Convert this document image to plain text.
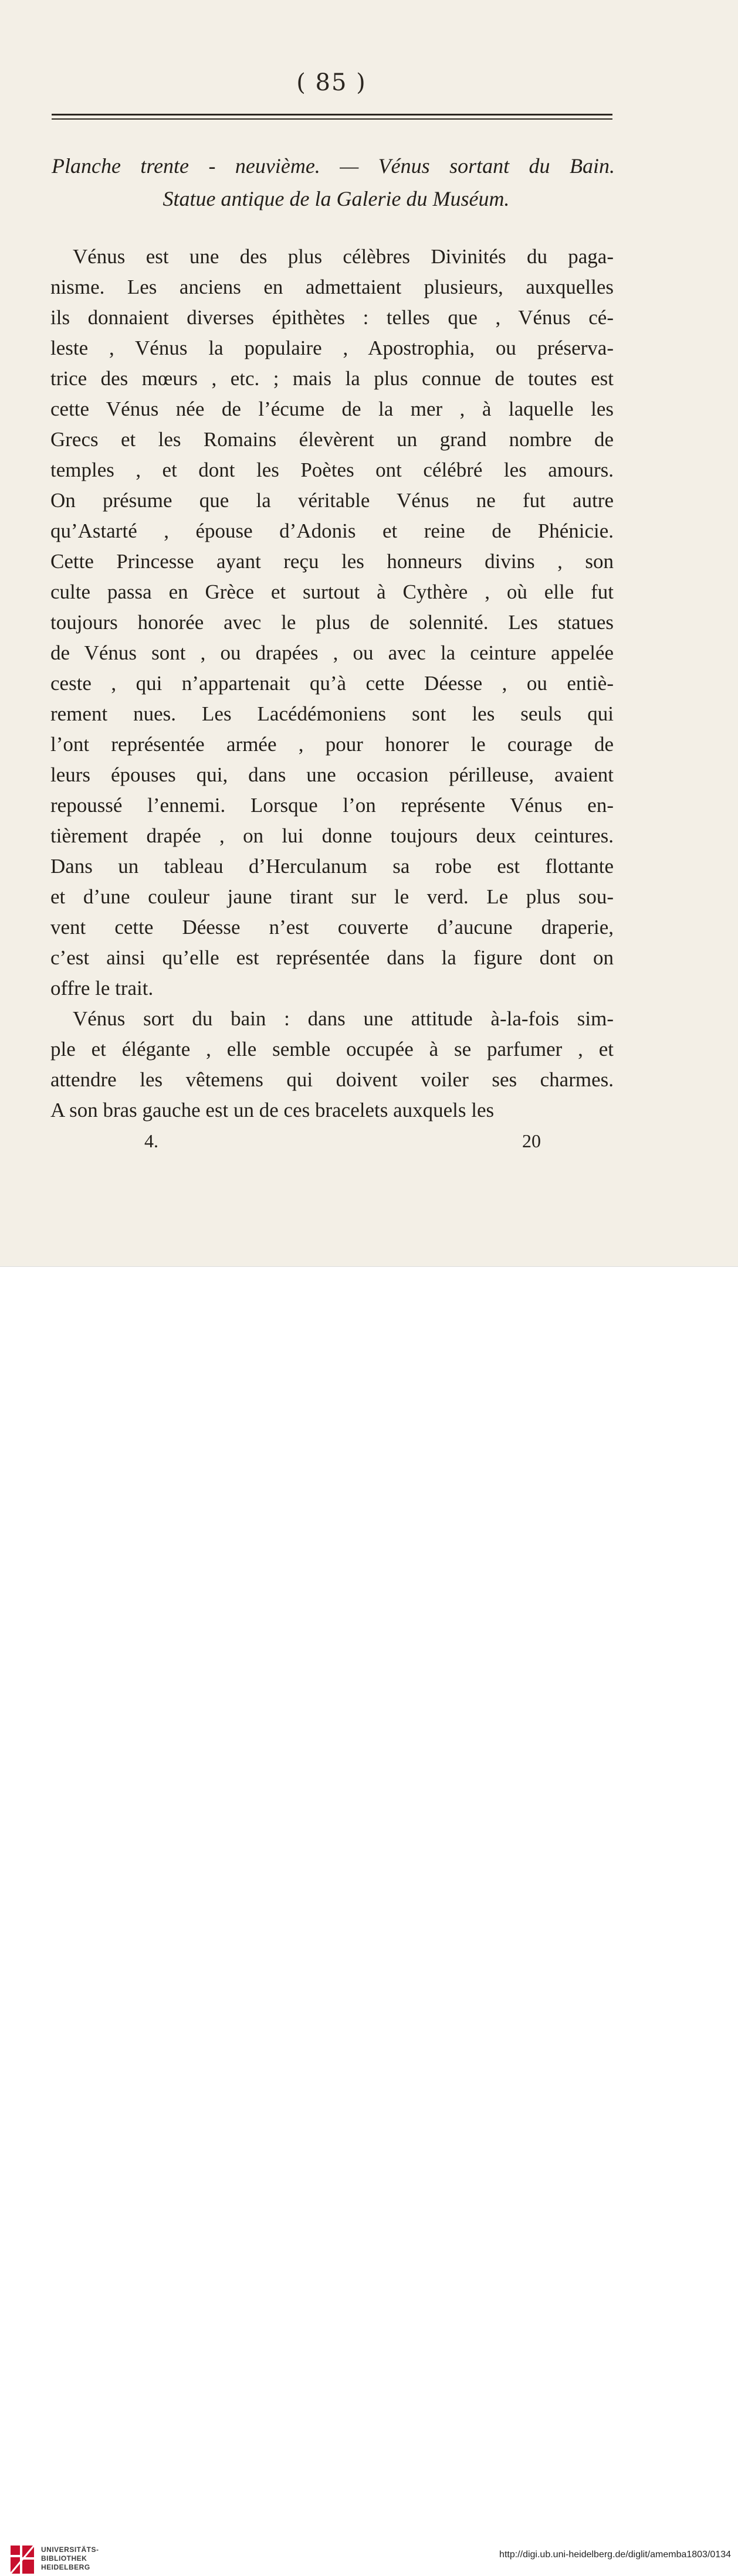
( 85 )
Planche trente - neuvième. — Vénus sortant du Bain.
Statue antique de la Galerie du Muséum.
Vénus est une des plus célèbres Divinités du paga-
nisme. Les anciens en admettaient plusieurs, auxquelles
ils donnaient diverses épithètes : telles que , Vénus cé-
leste , Vénus la populaire , Apostrophia, ou préserva-
trice des mœurs , etc. ; mais la plus connue de toutes est
cette Vénus née de l’écume de la mer , à laquelle les
Grecs et les Romains élevèrent un grand nombre de
temples , et dont les Poètes ont célébré les amours.
On présume que la véritable Vénus ne fut autre
qu’Astarté , épouse d’Adonis et reine de Phénicie.
Cette Princesse ayant reçu les honneurs divins , son
culte passa en Grèce et surtout à Cythère , où elle fut
toujours honorée avec le plus de solennité. Les statues
de Vénus sont , ou drapées , ou avec la ceinture appelée
ceste , qui n’appartenait qu’à cette Déesse , ou entiè-
rement nues. Les Lacédémoniens sont les seuls qui
l’ont représentée armée , pour honorer le courage de
leurs épouses qui, dans une occasion périlleuse, avaient
repoussé l’ennemi. Lorsque l’on représente Vénus en-
tièrement drapée , on lui donne toujours deux ceintures.
Dans un tableau d’Herculanum sa robe est flottante
et d’une couleur jaune tirant sur le verd. Le plus sou-
vent cette Déesse n’est couverte d’aucune draperie,
c’est ainsi qu’elle est représentée dans la figure dont on
offre le trait.
Vénus sort du bain : dans une attitude à-la-fois sim-
ple et élégante , elle semble occupée à se parfumer , et
attendre les vêtemens qui doivent voiler ses charmes.
A son bras gauche est un de ces bracelets auxquels les
4.	20
UNIVERSITÄTS-
BIBLIOTHEK
HEIDELBERG
http://digi.ub.uni-heidelberg.de/diglit/amemba1803/0134
